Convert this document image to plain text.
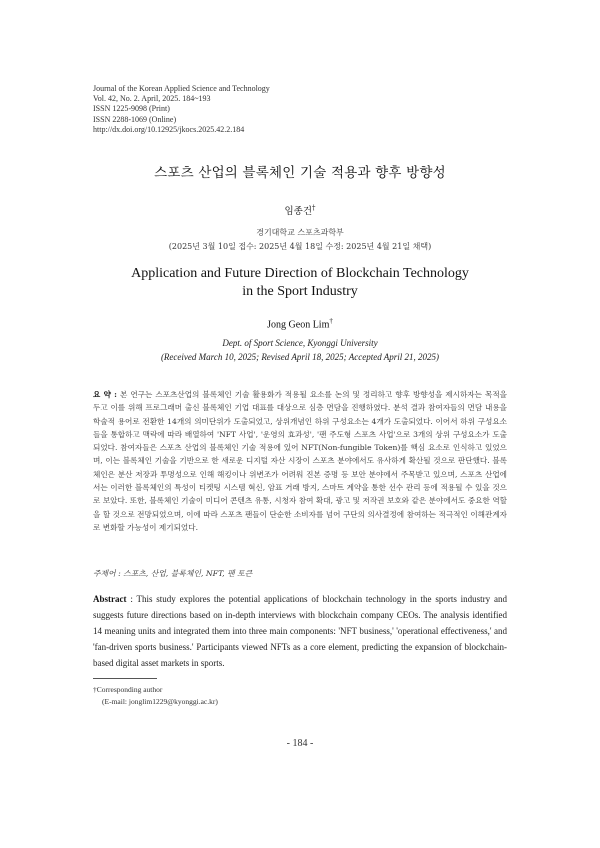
Journal of the Korean Applied Science and Technology
Vol. 42, No. 2. April, 2025. 184~193
ISSN 1225-9098 (Print)
ISSN 2288-1069 (Online)
http://dx.doi.org/10.12925/jkocs.2025.42.2.184
스포츠 산업의 블록체인 기술 적용과 향후 방향성
임종건†
경기대학교 스포츠과학부
(2025년 3월 10일 접수: 2025년 4월 18일 수정: 2025년 4월 21일 채택)
Application and Future Direction of Blockchain Technology
in the Sport Industry
Jong Geon Lim†
Dept. of Sport Science, Kyonggi University
(Received March 10, 2025; Revised April 18, 2025; Accepted April 21, 2025)
요 약 : 본 연구는 스포츠산업의 블록체인 기술 활용화가 적용될 요소를 논의 및 정리하고 향후 방향성을 제시하자는 목적을 두고 이를 위해 프로그래머 출신 블록체인 기업 대표를 대상으로 심층 면담을 진행하였다. 분석 결과 참여자들의 면담 내용을 학술적 용어로 전환한 14개의 의미단위가 도출되었고, 상위개념인 하위 구성요소는 4개가 도출되었다. 이어서 하위 구성요소들을 통합하고 맥락에 따라 배열하여 'NFT 사업', '운영의 효과성', '팬 주도형 스포츠 사업'으로 3개의 상위 구성요소가 도출되었다. 참여자들은 스포츠 산업의 블록체인 기술 적용에 있어 NFT(Non-fungible Token)를 핵심 요소로 인식하고 있었으며, 이는 블록체인 기술을 기반으로 한 새로운 디지털 자산 시장이 스포츠 분야에서도 유사하게 확산될 것으로 판단했다. 블록체인은 분산 저장과 투명성으로 인해 해킹이나 위변조가 어려워 진본 증명 등 보안 분야에서 주목받고 있으며, 스포츠 산업에서는 이러한 블록체인의 특성이 티켓팅 시스템 혁신, 암표 거래 방지, 스마트 계약을 통한 선수 관리 등에 적용될 수 있을 것으로 보았다. 또한, 블록체인 기술이 미디어 콘텐츠 유통, 시청자 참여 확대, 광고 및 저작권 보호와 같은 분야에서도 중요한 역할을 할 것으로 전망되었으며, 이에 따라 스포츠 팬들이 단순한 소비자를 넘어 구단의 의사결정에 참여하는 적극적인 이해관계자로 변화할 가능성이 제기되었다.
주제어 : 스포츠, 산업, 블록체인, NFT, 팬 토큰
Abstract : This study explores the potential applications of blockchain technology in the sports industry and suggests future directions based on in-depth interviews with blockchain company CEOs. The analysis identified 14 meaning units and integrated them into three main components: 'NFT business,' 'operational effectiveness,' and 'fan-driven sports business.' Participants viewed NFTs as a core element, predicting the expansion of blockchain-based digital asset markets in sports.
†Corresponding author
(E-mail: jonglim1229@kyonggi.ac.kr)
- 184 -
